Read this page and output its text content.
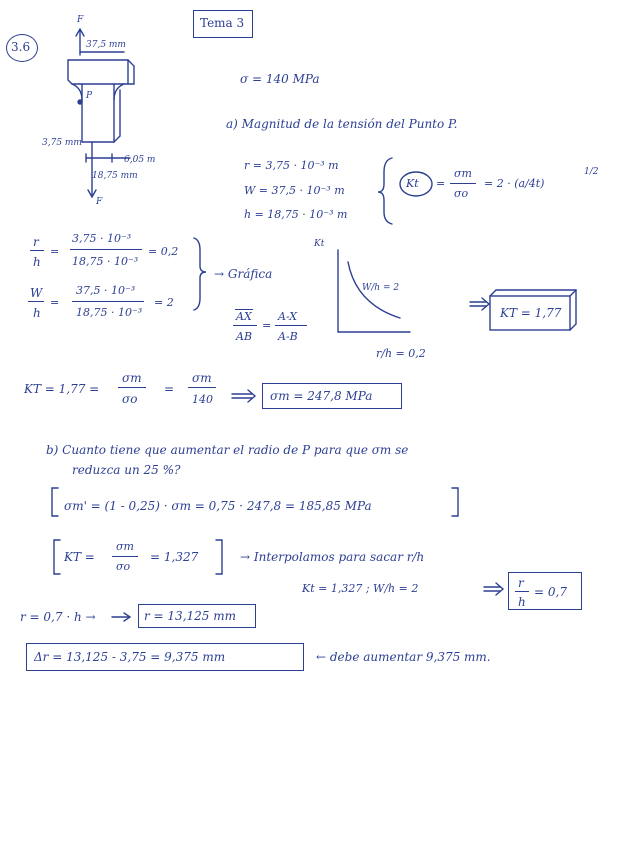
Tema 3
3.6
F
37,5 mm
P
3,75 mm
6,05 m
18,75 mm
F
σ = 140 MPa
a) Magnitud de la tensión del Punto P.
r = 3,75 · 10⁻³ m
W = 37,5 · 10⁻³ m
h = 18,75 · 10⁻³ m
Kt =
σm
σo
= 2 · (a/4t)
1/2
r
h
=
3,75 · 10⁻³
18,75 · 10⁻³
= 0,2
W
h
=
37,5 · 10⁻³
18,75 · 10⁻³
= 2
→ Gráfica
AX
AB
=
A-X
A-B
Kt
W/h = 2
r/h = 0,2
KT = 1,77
KT = 1,77 =
σm
σo
=
σm
140	σm = 247,8 MPa
b) Cuanto tiene que aumentar el radio de P para que σm se
reduzca un 25 %?
σm' = (1 - 0,25) · σm = 0,75 · 247,8 = 185,85 MPa
KT =
σm
σo
= 1,327	→ Interpolamos para sacar r/h
Kt = 1,327 ; W/h = 2	r
h
= 0,7
r = 0,7 · h →	r = 13,125 mm
Δr = 13,125 - 3,75 = 9,375 mm	← debe aumentar 9,375 mm.
